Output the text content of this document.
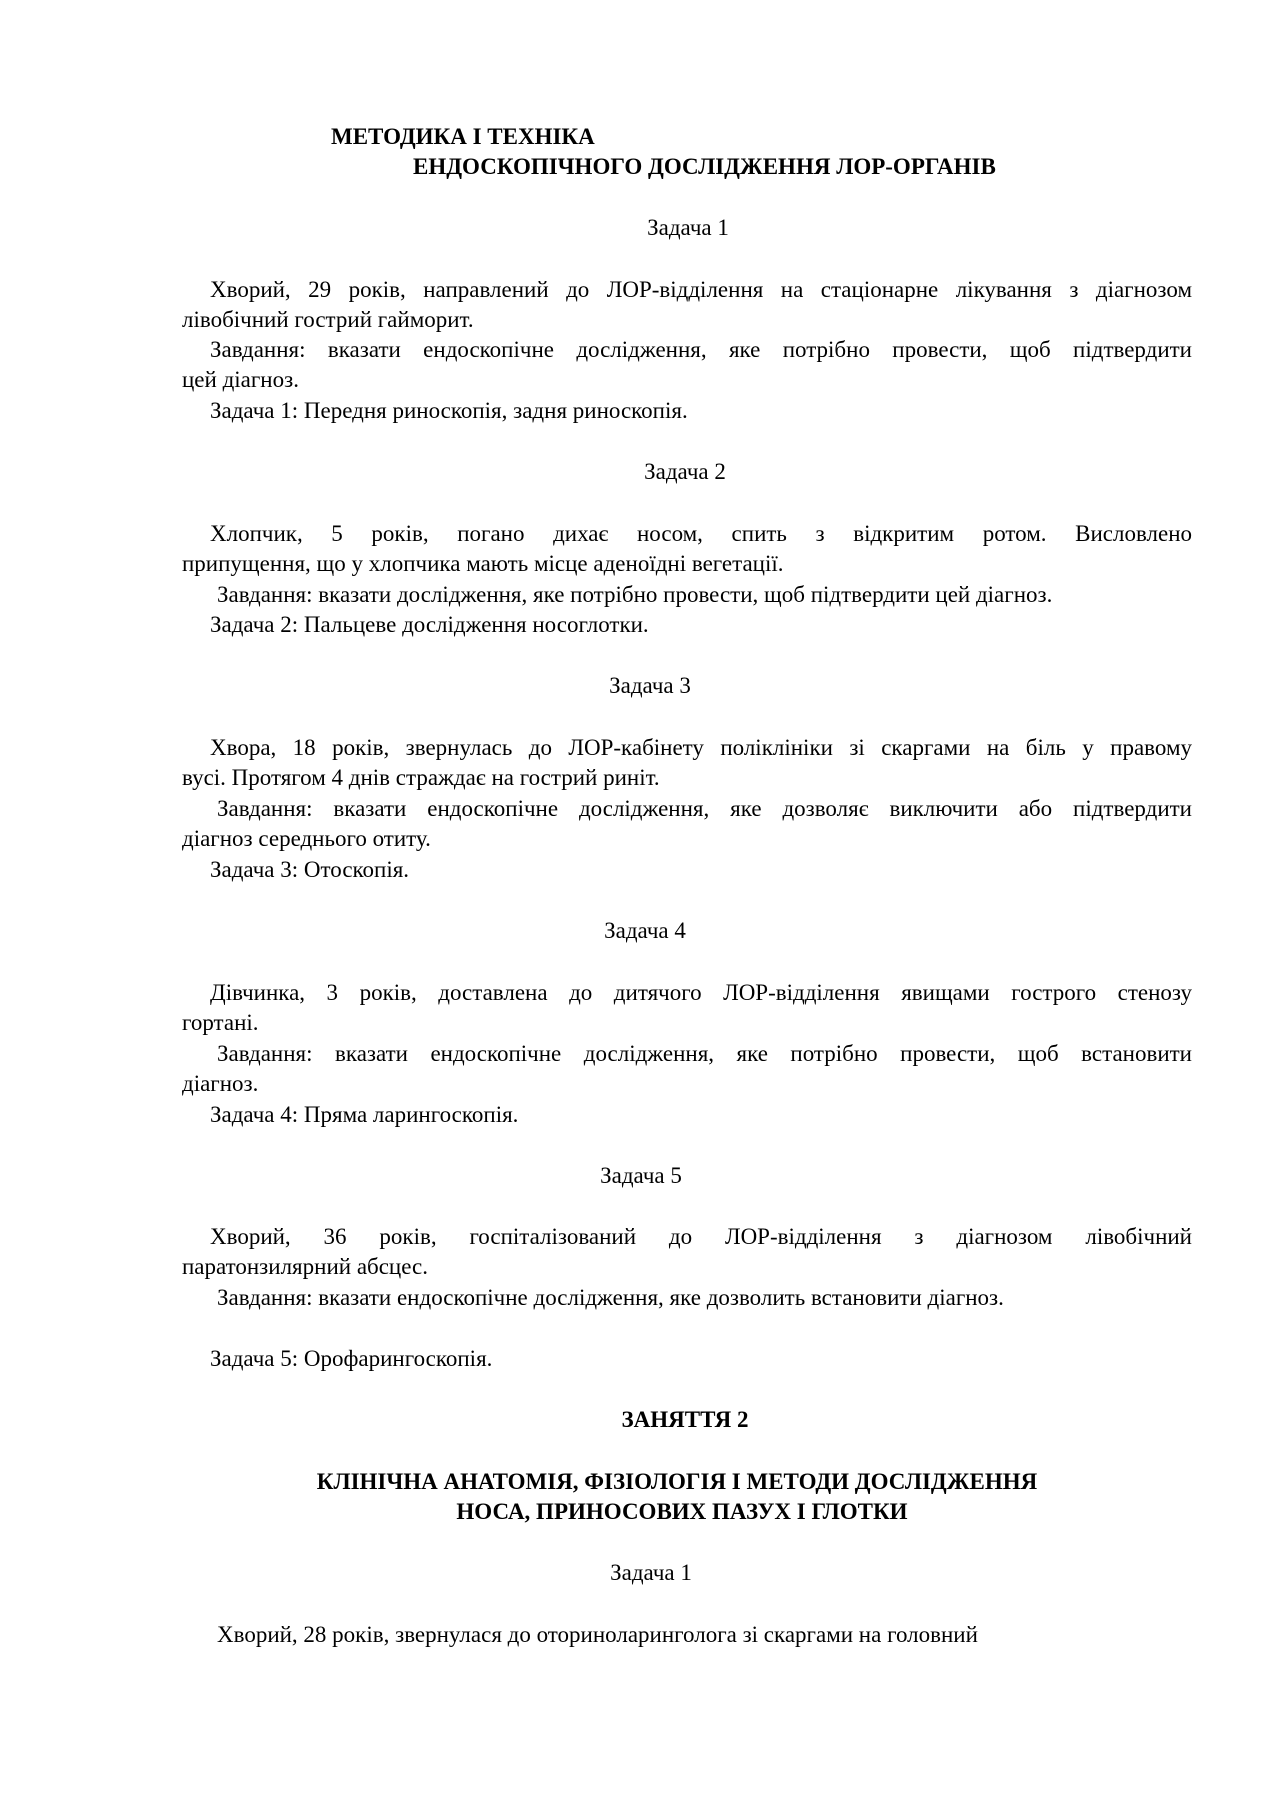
МЕТОДИКА І ТЕХНІКА
ЕНДОСКОПІЧНОГО ДОСЛІДЖЕННЯ ЛОР-ОРГАНІВ
Задача 1
Хворий, 29 років, направлений до ЛОР-відділення на стаціонарне лікування з діагнозом
лівобічний гострий гайморит.
Завдання: вказати ендоскопічне дослідження, яке потрібно провести, щоб підтвердити
цей діагноз.
Задача 1: Передня риноскопія, задня риноскопія.
Задача 2
Хлопчик, 5 років, погано дихає носом, спить з відкритим ротом. Висловлено
припущення, що у хлопчика мають місце аденоїдні вегетації.
Завдання: вказати дослідження, яке потрібно провести, щоб підтвердити цей діагноз.
Задача 2: Пальцеве дослідження носоглотки.
Задача 3
Хвора, 18 років, звернулась до ЛОР-кабінету поліклініки зі скаргами на біль у правому
вусі. Протягом 4 днів страждає на гострий риніт.
Завдання: вказати ендоскопічне дослідження, яке дозволяє виключити або підтвердити
діагноз середнього отиту.
Задача 3: Отоскопія.
Задача 4
Дівчинка, 3 років, доставлена до дитячого ЛОР-відділення явищами гострого стенозу
гортані.
Завдання: вказати ендоскопічне дослідження, яке потрібно провести, щоб встановити
діагноз.
Задача 4: Пряма ларингоскопія.
Задача 5
Хворий, 36 років, госпіталізований до ЛОР-відділення з діагнозом лівобічний
паратонзилярний абсцес.
Завдання: вказати ендоскопічне дослідження, яке дозволить встановити діагноз.
Задача 5: Орофарингоскопія.
ЗАНЯТТЯ 2
КЛІНІЧНА АНАТОМІЯ, ФІЗІОЛОГІЯ І МЕТОДИ ДОСЛІДЖЕННЯ
НОСА, ПРИНОСОВИХ ПАЗУХ І ГЛОТКИ
Задача 1
Хворий, 28 років, звернулася до оториноларинголога зі скаргами на головний
